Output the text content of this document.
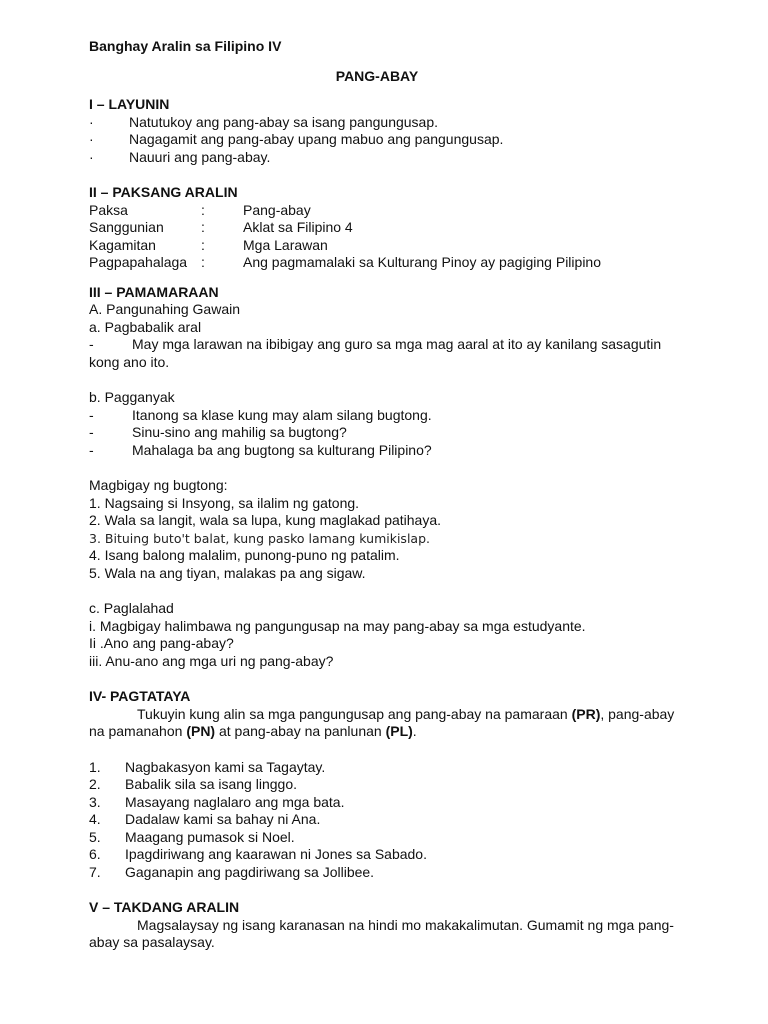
Banghay Aralin sa Filipino IV

PANG-ABAY

I – LAYUNIN

·	Natutukoy ang pang-abay sa isang pangungusap.
·	Nagagamit ang pang-abay upang mabuo ang pangungusap.
·	Nauuri ang pang-abay.

II – PAKSANG ARALIN

Paksa	:	Pang-abay
Sanggunian	:	Aklat sa Filipino 4
Kagamitan	:	Mga Larawan
Pagpapahalaga :	Ang pagmamalaki sa Kulturang Pinoy ay pagiging Pilipino

III – PAMAMARAAN

A. Pangunahing Gawain

a. Pagbabalik aral

-	May mga larawan na ibibigay ang guro sa mga mag aaral at ito ay kanilang sasagutin

kong ano ito.

b. Pagganyak

-	Itanong sa klase kung may alam silang bugtong.
-	Sinu-sino ang mahilig sa bugtong?
-	Mahalaga ba ang bugtong sa kulturang Pilipino?

Magbigay ng bugtong:

1. Nagsaing si Insyong, sa ilalim ng gatong.

2. Wala sa langit, wala sa lupa, kung maglakad patihaya.

3. Bituing buto't balat, kung pasko lamang kumikislap.

4. Isang balong malalim, punong-puno ng patalim.

5. Wala na ang tiyan, malakas pa ang sigaw.

c. Paglalahad

i. Magbigay halimbawa ng pangungusap na may pang-abay sa mga estudyante.

Ii .Ano ang pang-abay?

iii. Anu-ano ang mga uri ng pang-abay?

IV- PAGTATAYA

Tukuyin kung alin sa mga pangungusap ang pang-abay na pamaraan (PR), pang-abay

na pamanahon (PN) at pang-abay na panlunan (PL).

1.	Nagbakasyon kami sa Tagaytay.
2.	Babalik sila sa isang linggo.
3.	Masayang naglalaro ang mga bata.
4.	Dadalaw kami sa bahay ni Ana.
5.	Maagang pumasok si Noel.
6.	Ipagdiriwang ang kaarawan ni Jones sa Sabado.
7.	Gaganapin ang pagdiriwang sa Jollibee.

V – TAKDANG ARALIN

Magsalaysay ng isang karanasan na hindi mo makakalimutan. Gumamit ng mga pang-

abay sa pasalaysay.
